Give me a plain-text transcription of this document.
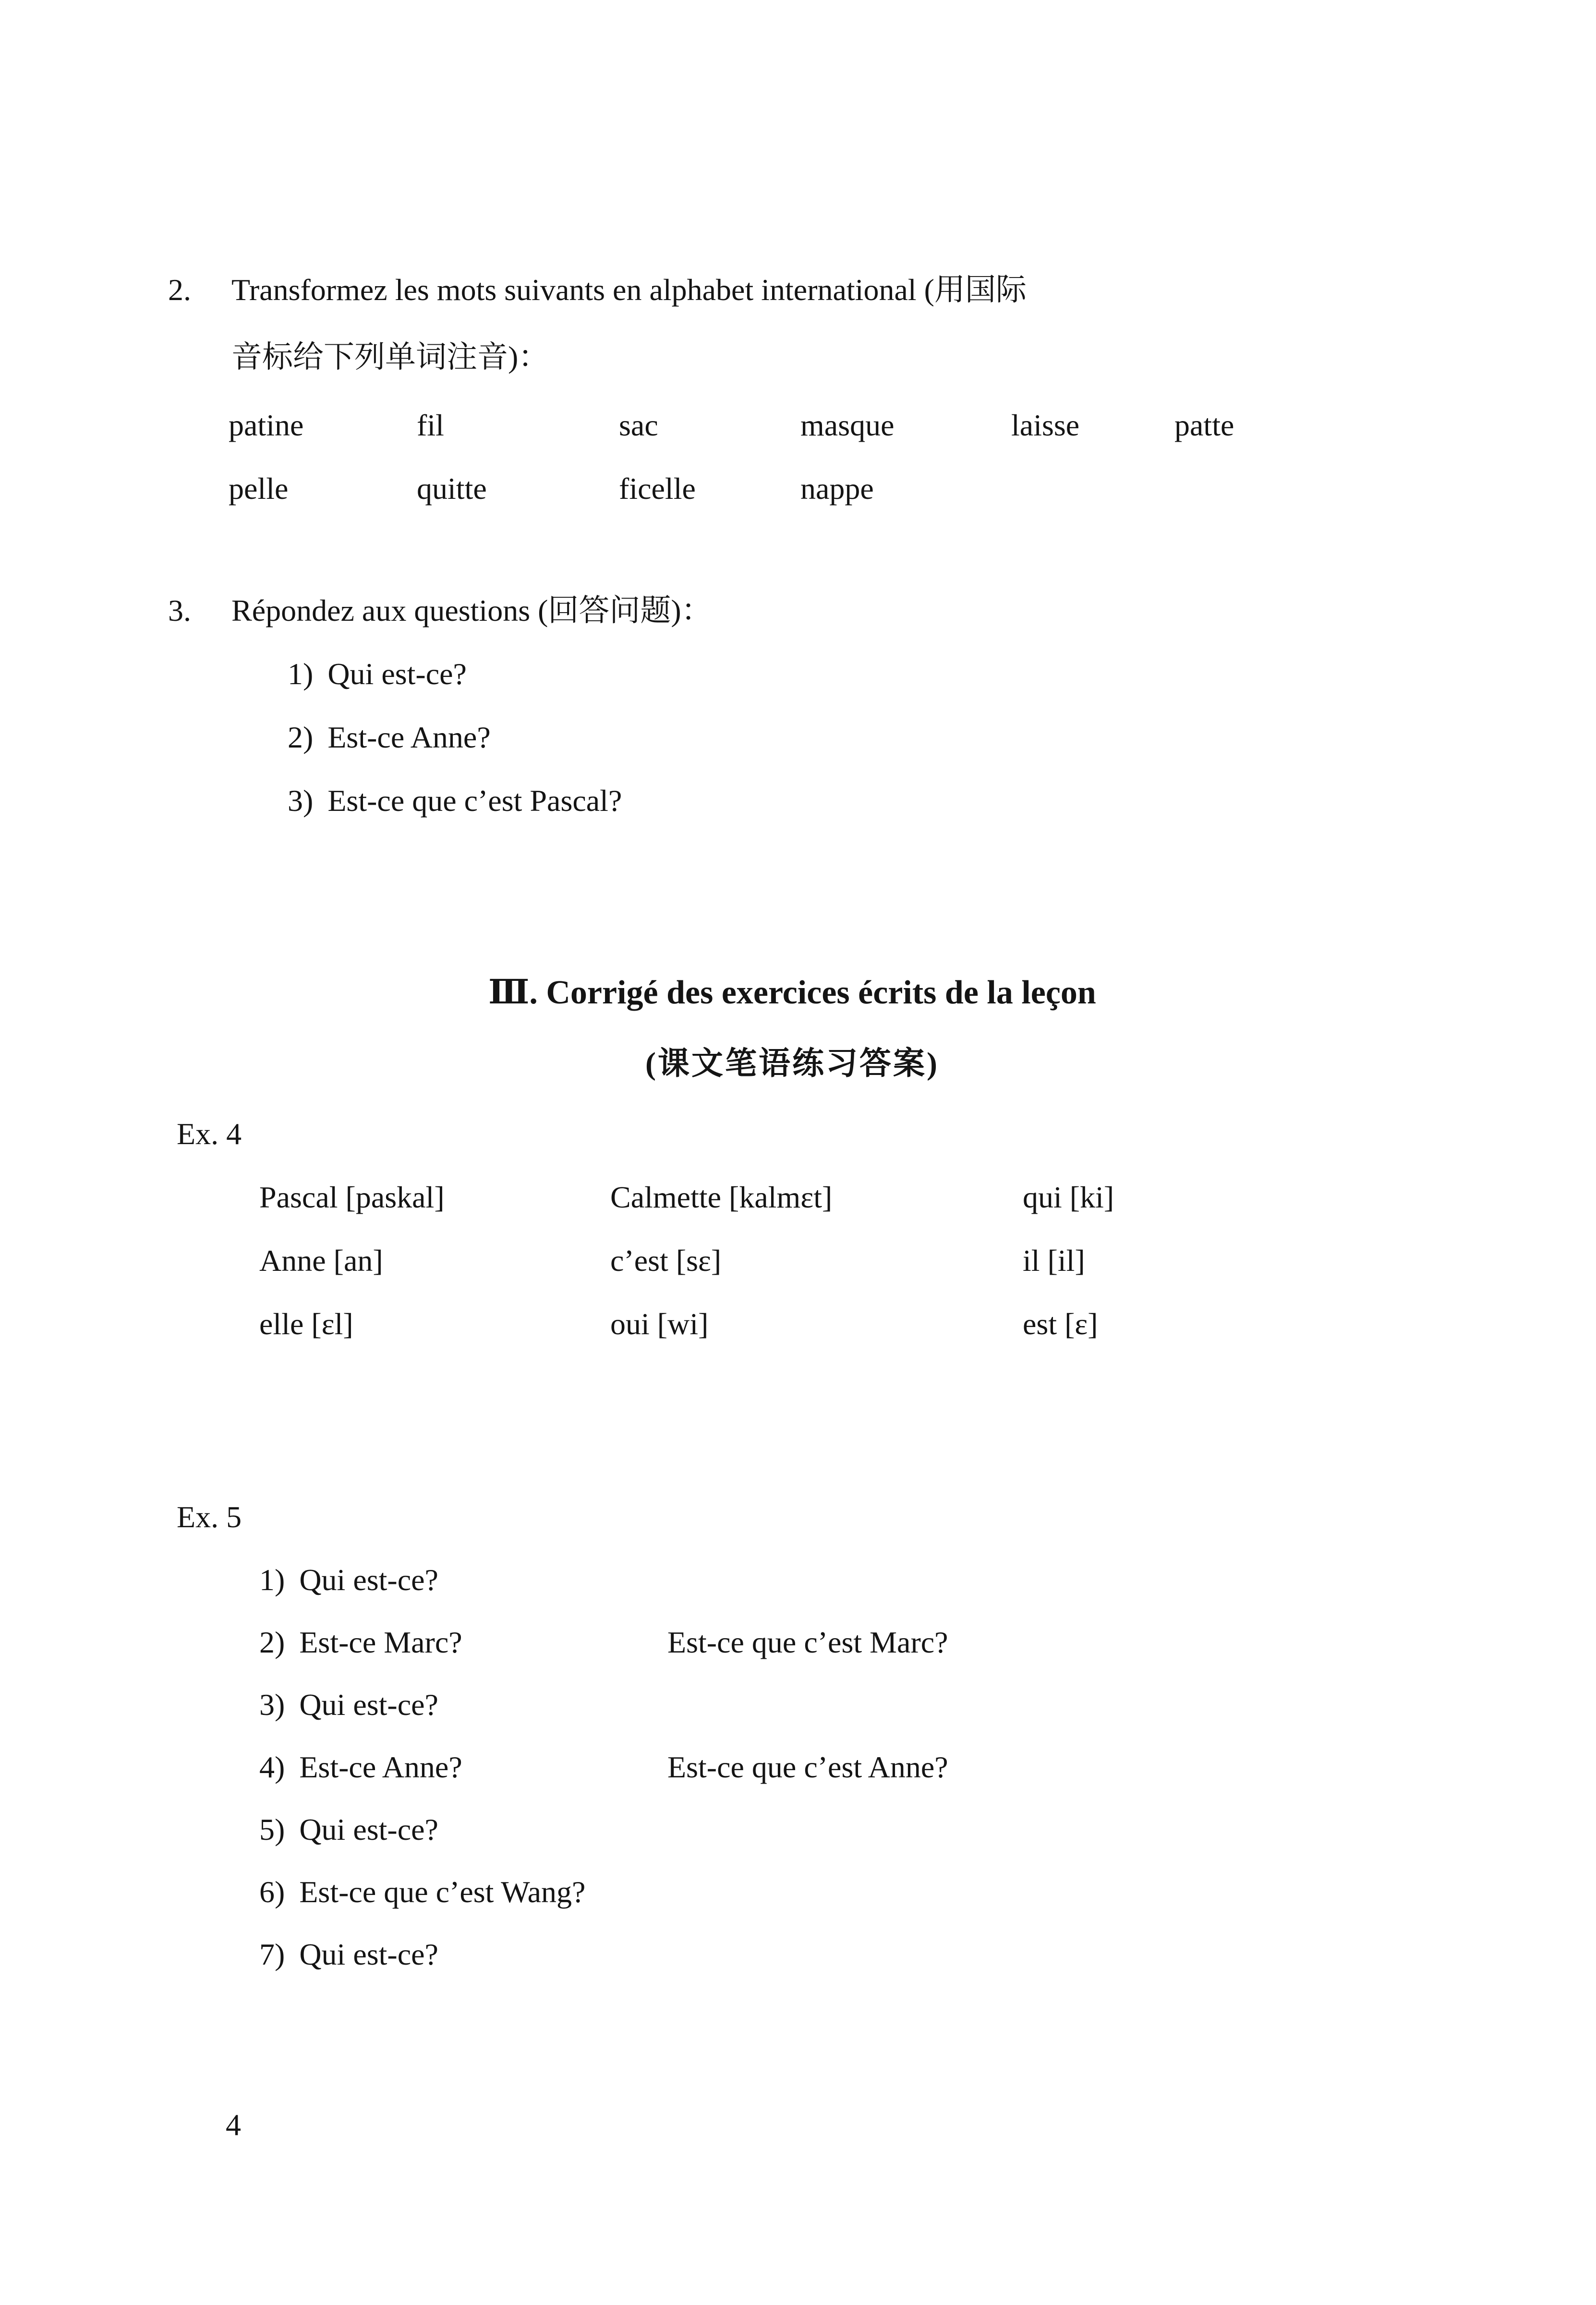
2.	Transformez les mots suivants en alphabet international (用国际
音标给下列单词注音)：
patine	fil	sac	masque	laisse	patte
pelle	quitte	ficelle	nappe
3.	Répondez aux questions (回答问题)：
1) Qui est-ce?
2) Est-ce Anne?
3) Est-ce que c’est Pascal?
Ⅲ. Corrigé des exercices écrits de la leçon
(课文笔语练习答案)
Ex. 4
Pascal [paskal]	Calmette [kalmɛt]	qui [ki]
Anne [an]	c’est [sɛ]	il [il]
elle [ɛl]	oui [wi]	est [ɛ]
Ex. 5
1) Qui est-ce?
2) Est-ce Marc?	Est-ce que c’est Marc?
3) Qui est-ce?
4) Est-ce Anne?	Est-ce que c’est Anne?
5) Qui est-ce?
6) Est-ce que c’est Wang?
7) Qui est-ce?
4
